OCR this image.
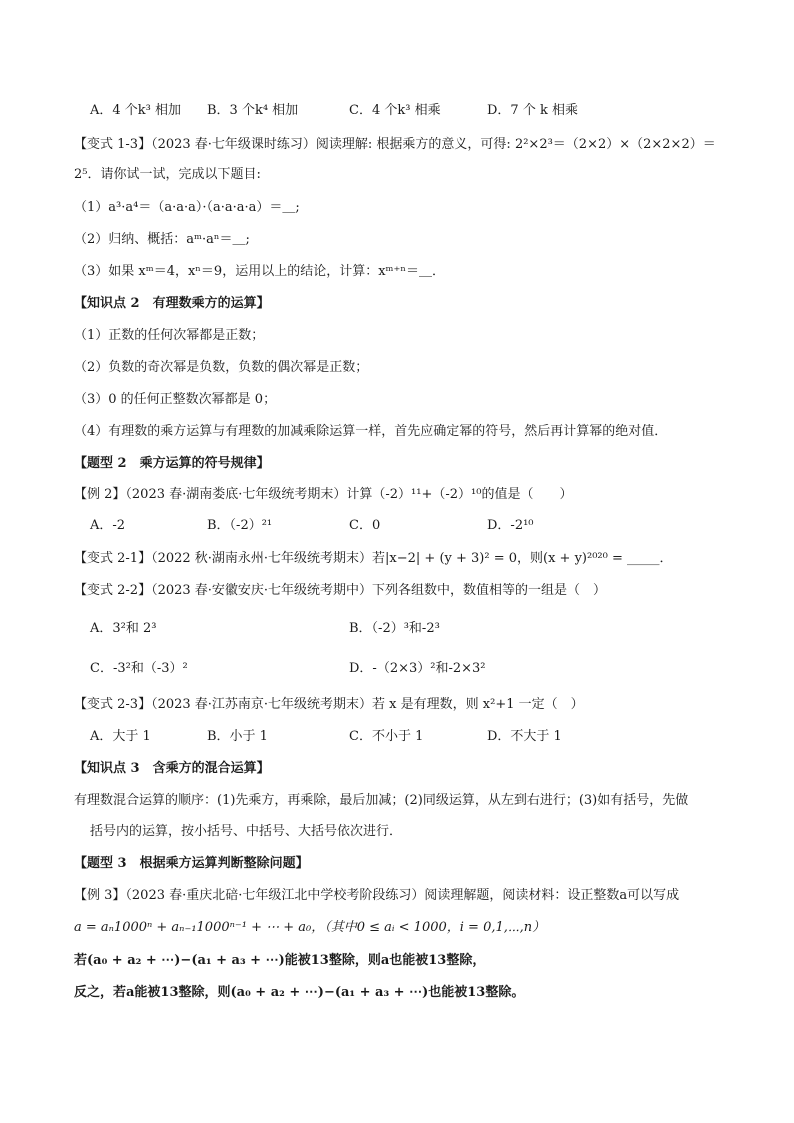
A．4 个k³ 相加 B．3 个k⁴ 相加	C．4 个k³ 相乘	D．7 个 k 相乘
【变式 1-3】（2023 春·七年级课时练习）阅读理解: 根据乘方的意义，可得: 2²×2³＝（2×2）×（2×2×2）＝
2⁵．请你试一试，完成以下题目:
（1）a³·a⁴＝（a·a·a）·（a·a·a·a）＝＿;
（2）归纳、概括：aᵐ·aⁿ＝＿;
（3）如果 xᵐ＝4，xⁿ＝9，运用以上的结论，计算：xᵐ⁺ⁿ＝＿．
【知识点 2　有理数乘方的运算】
（1）正数的任何次幂都是正数；
（2）负数的奇次幂是负数，负数的偶次幂是正数；
（3）0 的任何正整数次幂都是 0；
（4）有理数的乘方运算与有理数的加减乘除运算一样，首先应确定幂的符号，然后再计算幂的绝对值．
【题型 2　乘方运算的符号规律】
【例 2】（2023 春·湖南娄底·七年级统考期末）计算（-2）¹¹+（-2）¹⁰的值是（　　）
A．-2	B．（-2）²¹	C．0	D．-2¹⁰
【变式 2-1】（2022 秋·湖南永州·七年级统考期末）若|x−2| + (y + 3)² = 0，则(x + y)²⁰²⁰ = _____．
【变式 2-2】（2023 春·安徽安庆·七年级统考期中）下列各组数中，数值相等的一组是（　）
A．3²和 2³	B．（-2）³和-2³
C．-3²和（-3）²	D．-（2×3）²和-2×3²
【变式 2-3】（2023 春·江苏南京·七年级统考期末）若 x 是有理数，则 x²+1 一定（　）
A．大于 1	B．小于 1	C．不小于 1	D．不大于 1
【知识点 3　含乘方的混合运算】
有理数混合运算的顺序：(1)先乘方，再乘除，最后加减；(2)同级运算，从左到右进行；(3)如有括号，先做
括号内的运算，按小括号、中括号、大括号依次进行．
【题型 3　根据乘方运算判断整除问题】
【例 3】（2023 春·重庆北碚·七年级江北中学校考阶段练习）阅读理解题，阅读材料：设正整数a可以写成
a = aₙ1000ⁿ + aₙ₋₁1000ⁿ⁻¹ + ⋯ + a₀，（其中0 ≤ aᵢ < 1000，i = 0,1,⋯,n）
若(a₀ + a₂ + ⋯)−(a₁ + a₃ + ⋯)能被13整除，则a也能被13整除，
反之，若a能被13整除，则(a₀ + a₂ + ⋯)−(a₁ + a₃ + ⋯)也能被13整除。
